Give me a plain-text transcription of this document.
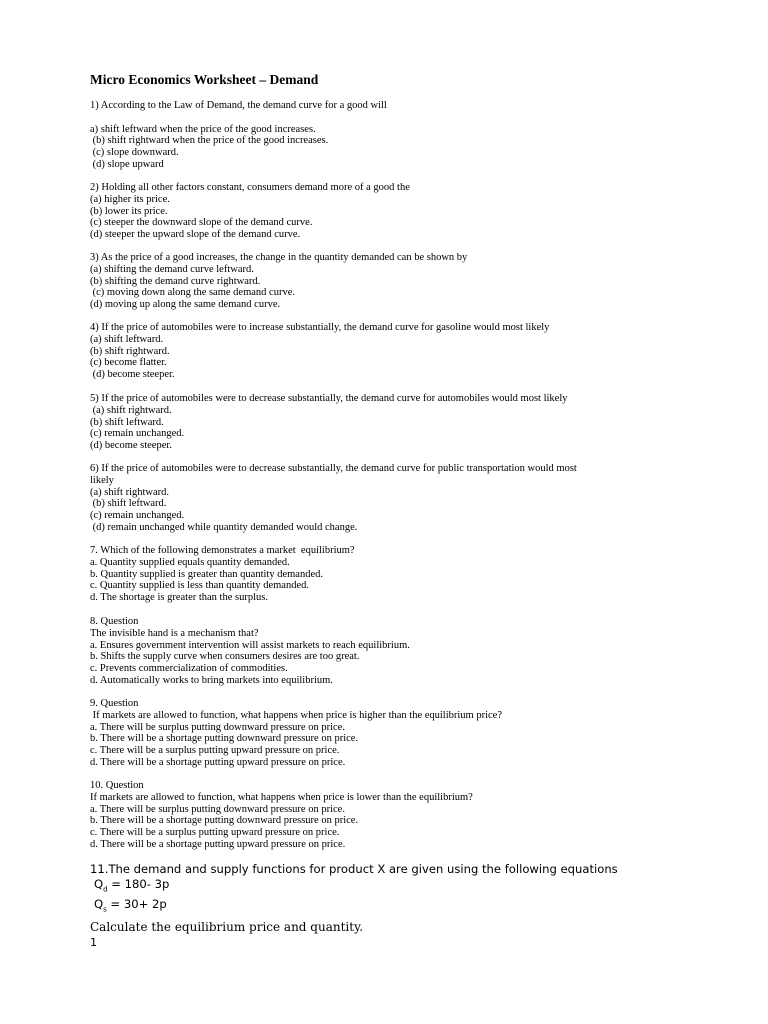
Micro Economics Worksheet – Demand
1) According to the Law of Demand, the demand curve for a good will
a) shift leftward when the price of the good increases.
(b) shift rightward when the price of the good increases.
(c) slope downward.
(d) slope upward
2) Holding all other factors constant, consumers demand more of a good the
(a) higher its price.
(b) lower its price.
(c) steeper the downward slope of the demand curve.
(d) steeper the upward slope of the demand curve.
3) As the price of a good increases, the change in the quantity demanded can be shown by
(a) shifting the demand curve leftward.
(b) shifting the demand curve rightward.
(c) moving down along the same demand curve.
(d) moving up along the same demand curve.
4) If the price of automobiles were to increase substantially, the demand curve for gasoline would most likely
(a) shift leftward.
(b) shift rightward.
(c) become flatter.
(d) become steeper.
5) If the price of automobiles were to decrease substantially, the demand curve for automobiles would most likely
(a) shift rightward.
(b) shift leftward.
(c) remain unchanged.
(d) become steeper.
6) If the price of automobiles were to decrease substantially, the demand curve for public transportation would most
likely
(a) shift rightward.
(b) shift leftward.
(c) remain unchanged.
(d) remain unchanged while quantity demanded would change.
7. Which of the following demonstrates a market  equilibrium?
a. Quantity supplied equals quantity demanded.
b. Quantity supplied is greater than quantity demanded.
c. Quantity supplied is less than quantity demanded.
d. The shortage is greater than the surplus.
8. Question
The invisible hand is a mechanism that?
a. Ensures government intervention will assist markets to reach equilibrium.
b. Shifts the supply curve when consumers desires are too great.
c. Prevents commercialization of commodities.
d. Automatically works to bring markets into equilibrium.
9. Question
If markets are allowed to function, what happens when price is higher than the equilibrium price?
a. There will be surplus putting downward pressure on price.
b. There will be a shortage putting downward pressure on price.
c. There will be a surplus putting upward pressure on price.
d. There will be a shortage putting upward pressure on price.
10. Question
If markets are allowed to function, what happens when price is lower than the equilibrium?
a. There will be surplus putting downward pressure on price.
b. There will be a shortage putting downward pressure on price.
c. There will be a surplus putting upward pressure on price.
d. There will be a shortage putting upward pressure on price.
11.The demand and supply functions for product X are given using the following equations
$Q_d = 180-$ 3p
$Q_s = 30+ 2p$
Calculate the equilibrium price and quantity.
1
